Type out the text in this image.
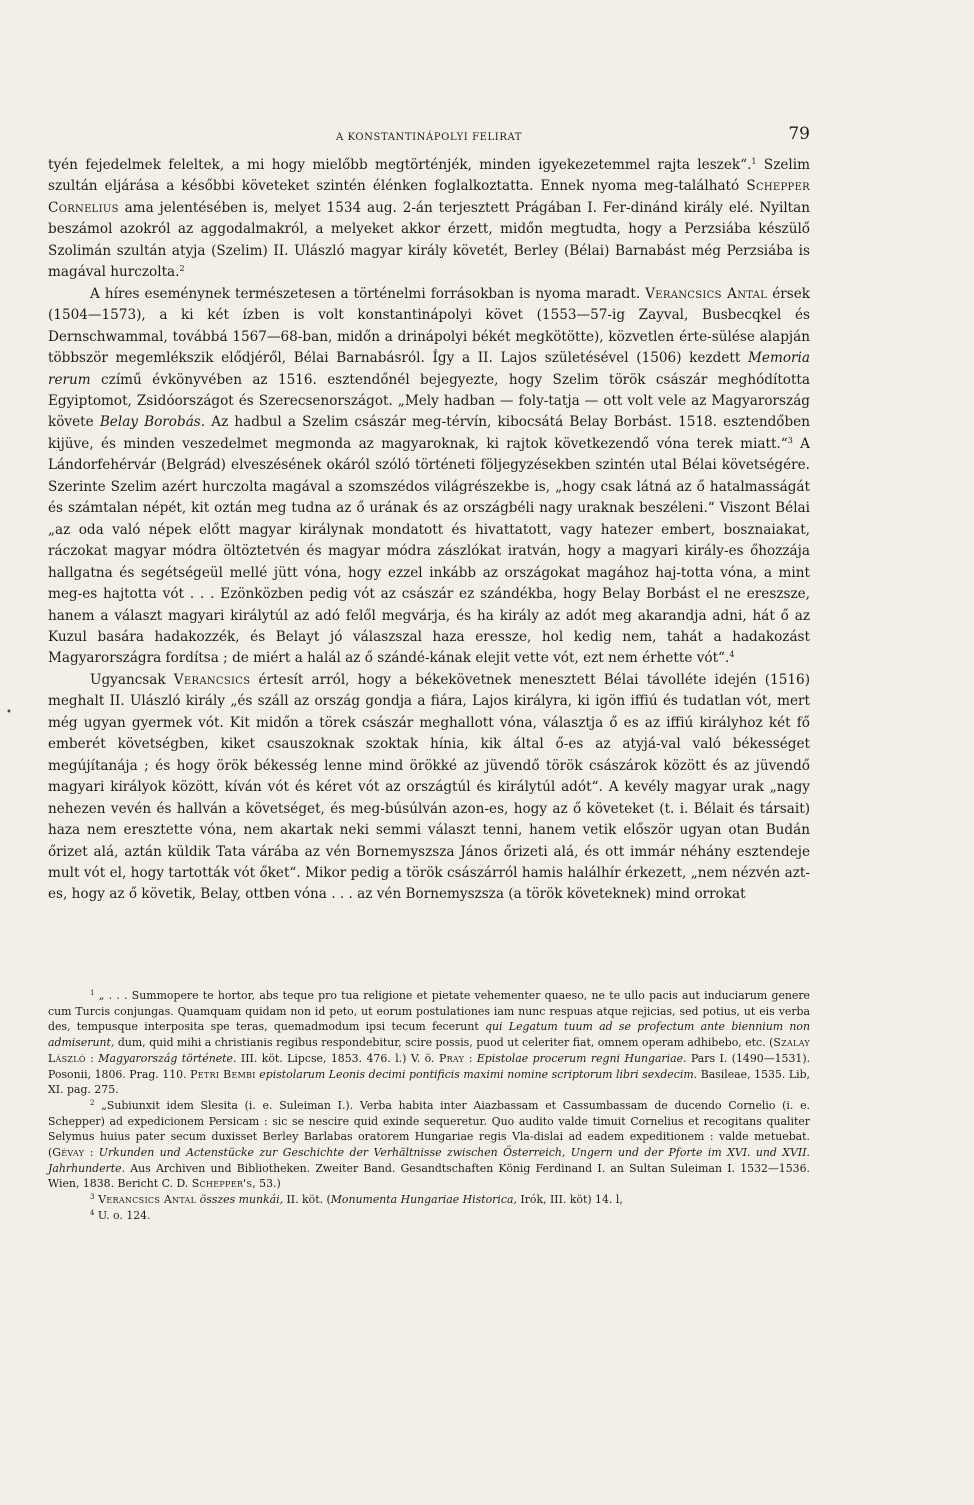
A KONSTANTINÁPOLYI FELIRAT	79
•

tyén fejedelmek feleltek, a mi hogy mielőbb megtörténjék, minden igyekezetemmel rajta leszek“.$^1$ Szelim szultán eljárása a későbbi követeket szintén élénken foglalkoztatta. Ennek nyoma meg-található Schepper Cornelius ama jelentésében is, melyet 1534 aug. 2-án terjesztett Prágában I. Fer-dinánd király elé. Nyiltan beszámol azokról az aggodalmakról, a melyeket akkor érzett, midőn megtudta, hogy a Perzsiába készülő Szolimán szultán atyja (Szelim) II. Ulászló magyar király követét, Berley (Bélai) Barnabást még Perzsiába is magával hurczolta.$^2$

A híres eseménynek természetesen a történelmi forrásokban is nyoma maradt. Verancsics Antal érsek (1504—1573), a ki két ízben is volt konstantinápolyi követ (1553—57-ig Zayval, Busbecqkel és Dernschwammal, továbbá 1567—68-ban, midőn a drinápolyi békét megkötötte), közvetlen érte-sülése alapján többször megemlékszik elődjéről, Bélai Barnabásról. Így a II. Lajos születésével (1506) kezdett Memoria rerum czímű évkönyvében az 1516. esztendőnél bejegyezte, hogy Szelim török császár meghódította Egyiptomot, Zsidóországot és Szerecsenországot. „Mely hadban — foly-tatja — ott volt vele az Magyarország követe Belay Borobás. Az hadbul a Szelim császár meg-térvín, kibocsátá Belay Borbást. 1518. esztendőben kijüve, és minden veszedelmet megmonda az magyaroknak, ki rajtok következendő vóna terek miatt.“$^3$ A Lándorfehérvár (Belgrád) elveszésének okáról szóló történeti följegyzésekben szintén utal Bélai követségére. Szerinte Szelim azért hurczolta magával a szomszédos világrészekbe is, „hogy csak látná az ő hatalmasságát és számtalan népét, kit oztán meg tudna az ő urának és az országbéli nagy uraknak beszéleni.“ Viszont Bélai „az oda való népek előtt magyar királynak mondatott és hivattatott, vagy hatezer embert, bosznaiakat, ráczokat magyar módra öltöztetvén és magyar módra zászlókat iratván, hogy a magyari király-es őhozzája hallgatna és segétségeül mellé jütt vóna, hogy ezzel inkább az országokat magához haj-totta vóna, a mint meg-es hajtotta vót . . . Ezönközben pedig vót az császár ez szándékba, hogy Belay Borbást el ne ereszsze, hanem a választ magyari királytúl az adó felől megvárja, és ha király az adót meg akarandja adni, hát ő az Kuzul basára hadakozzék, és Belayt jó válaszszal haza eressze, hol kedig nem, tahát a hadakozást Magyarországra fordítsa ; de miért a halál az ő szándé-kának elejit vette vót, ezt nem érhette vót“.$^4$

Ugyancsak Verancsics értesít arról, hogy a békekövetnek menesztett Bélai távolléte idején (1516) meghalt II. Ulászló király „és száll az ország gondja a fiára, Lajos királyra, ki igön iffiú és tudatlan vót, mert még ugyan gyermek vót. Kit midőn a törek császár meghallott vóna, választja ő es az iffiú királyhoz két fő emberét követségben, kiket csauszoknak szoktak hínia, kik által ő-es az atyjá-val való békességet megújítanája ; és hogy örök békesség lenne mind örökké az jüvendő török császárok között és az jüvendő magyari királyok között, kíván vót és kéret vót az országtúl és királytúl adót“. A kevély magyar urak „nagy nehezen vevén és hallván a követséget, és meg-búsúlván azon-es, hogy az ő követeket (t. i. Bélait és társait) haza nem eresztette vóna, nem akartak neki semmi választ tenni, hanem vetik először ugyan otan Budán őrizet alá, aztán küldik Tata várába az vén Bornemyszsza János őrizeti alá, és ott immár néhány esztendeje mult vót el, hogy tartották vót őket“. Mikor pedig a török császárról hamis halálhír érkezett, „nem nézvén azt-es, hogy az ő követik, Belay, ottben vóna . . . az vén Bornemyszsza (a török követeknek) mind orrokat

$^1$ „ . . . Summopere te hortor, abs teque pro tua religione et pietate vehementer quaeso, ne te ullo pacis aut induciarum genere cum Turcis conjungas. Quamquam quidam non id peto, ut eorum postulationes iam nunc respuas atque rejicias, sed potius, ut eis verba des, tempusque interposita spe teras, quemadmodum ipsi tecum fecerunt qui Legatum tuum ad se profectum ante biennium non admiserunt, dum, quid mihi a christianis regibus respondebitur, scire possis, puod ut celeriter fiat, omnem operam adhibebo, etc. (Szalay László : Magyarország története. III. köt. Lipcse, 1853. 476. l.) V. ö. Pray : Epistolae procerum regni Hungariae. Pars I. (1490—1531). Posonii, 1806. Prag. 110. Petri Bembi epistolarum Leonis decimi pontificis maximi nomine scriptorum libri sexdecim. Basileae, 1535. Lib, XI. pag. 275.

$^2$ „Subiunxit idem Slesita (i. e. Suleiman I.). Verba habita inter Aiazbassam et Cassumbassam de ducendo Cornelio (i. e. Schepper) ad expedicionem Persicam : sic se nescire quid exinde sequeretur. Quo audito valde timuit Cornelius et recogitans qualiter Selymus huius pater secum duxisset Berley Barlabas oratorem Hungariae regis Vla-dislai ad eadem expeditionem : valde metuebat. (Gévay : Urkunden und Actenstücke zur Geschichte der Verhältnisse zwischen Österreich, Ungern und der Pforte im XVI. und XVII. Jahrhunderte. Aus Archiven und Bibliotheken. Zweiter Band. Gesandtschaften König Ferdinand I. an Sultan Suleiman I. 1532—1536. Wien, 1838. Bericht C. D. Schepper's, 53.)

$^3$ Verancsics Antal összes munkái, II. köt. (Monumenta Hungariae Historica, Irók, III. köt) 14. l,

$^4$ U. o. 124.
